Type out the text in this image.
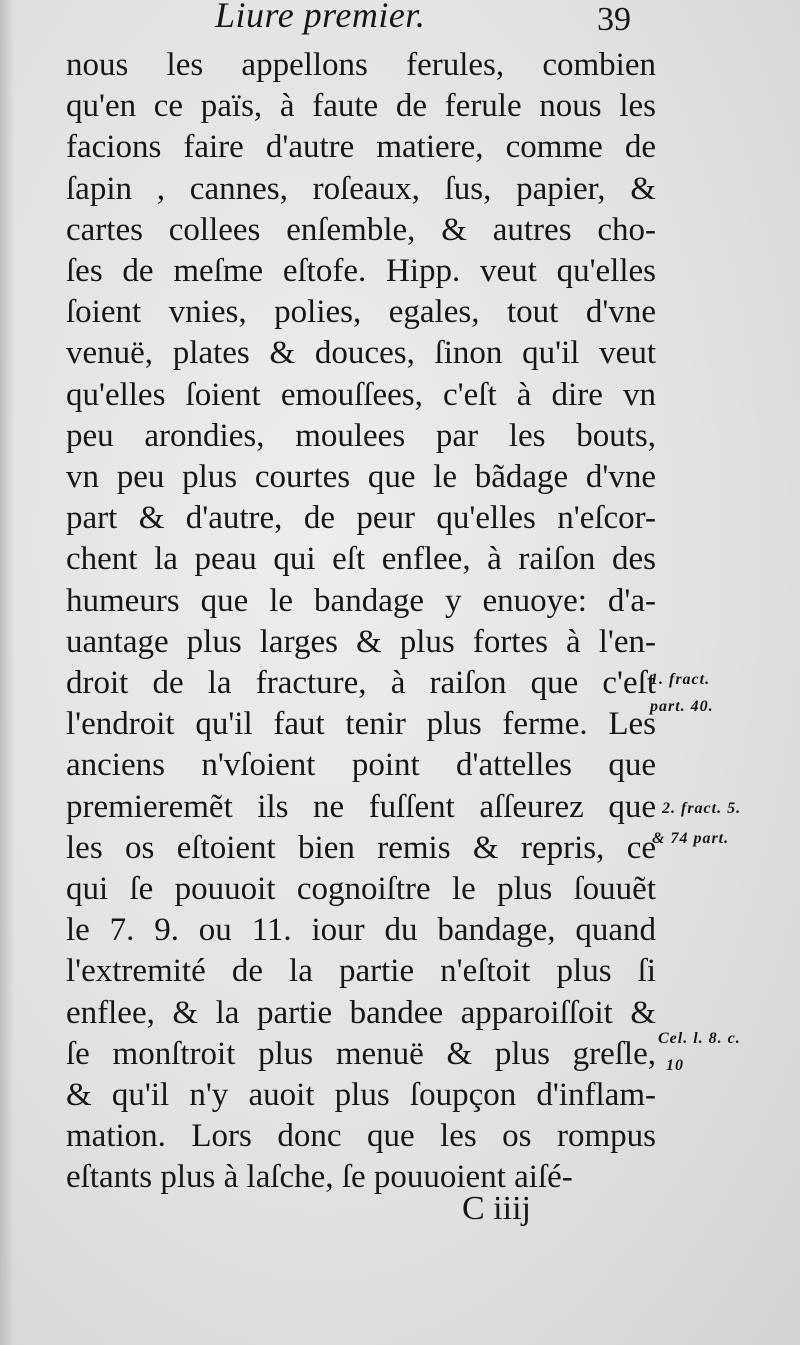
Liure premier.	39
nous les appellons ferules, combien
qu'en ce païs, à faute de ferule nous les
facions faire d'autre matiere, comme de
ſapin , cannes, roſeaux, ſus, papier, &
cartes collees enſemble, & autres cho-
ſes de meſme eſtofe. Hipp. veut qu'elles
ſoient vnies, polies, egales, tout d'vne
venuë, plates & douces, ſinon qu'il veut
qu'elles ſoient emouſſees, c'eſt à dire vn
peu arondies, moulees par les bouts,
vn peu plus courtes que le bãdage d'vne
part & d'autre, de peur qu'elles n'eſcor-
chent la peau qui eſt enflee, à raiſon des
humeurs que le bandage y enuoye: d'a-
uantage plus larges & plus fortes à l'en-
droit de la fracture, à raiſon que c'eſt
l'endroit qu'il faut tenir plus ferme. Les
anciens n'vſoient point d'attelles que
premieremẽt ils ne fuſſent aſſeurez que
les os eſtoient bien remis & repris, ce
qui ſe pouuoit cognoiſtre le plus ſouuẽt
le 7. 9. ou 11. iour du bandage, quand
l'extremité de la partie n'eſtoit plus ſi
enflee, & la partie bandee apparoiſſoit &
ſe monſtroit plus menuë & plus greſle,
& qu'il n'y auoit plus ſoupçon d'inflam-
mation. Lors donc que les os rompus
eſtants plus à laſche, ſe pouuoient aiſé-
1. fract.
part. 40.
2. fract. 5.
& 74 part.
Cel. l. 8. c.
10
C iiij
